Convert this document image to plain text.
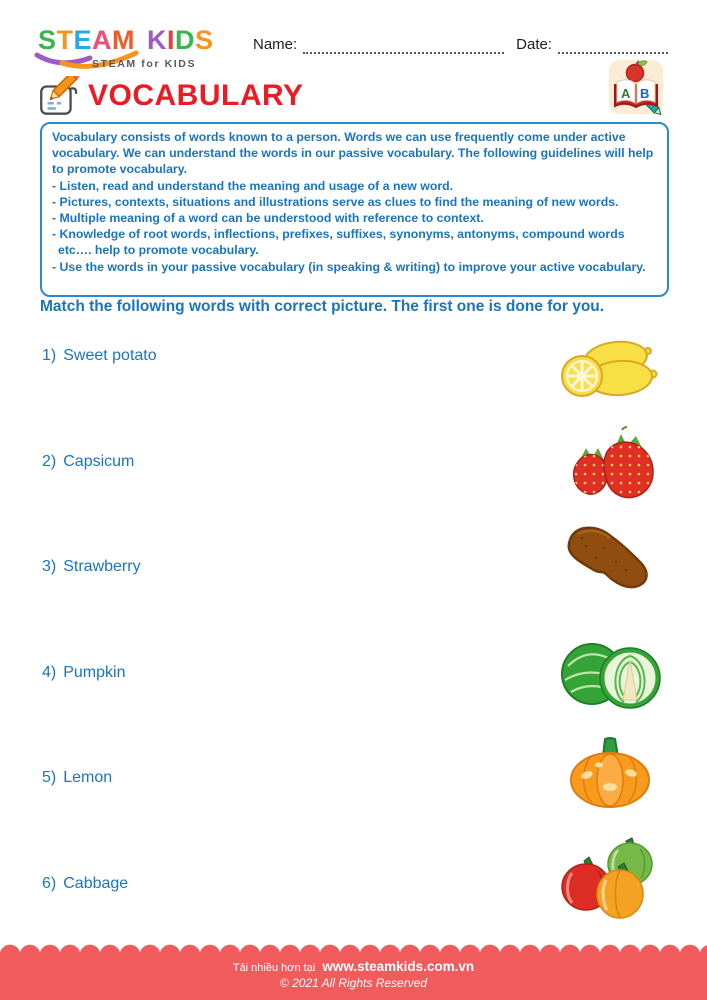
STEAM KIDS
STEAM for KIDS
Name:	Date:
A B
VOCABULARY
Vocabulary consists of words known to a person. Words we can use frequently come under active vocabulary. We can understand the words in our passive vocabulary. The following guidelines will help to promote vocabulary.
- Listen, read and understand the meaning and usage of a new word.
- Pictures, contexts, situations and illustrations serve as clues to find the meaning of new words.
- Multiple meaning of a word can be understood with reference to context.
- Knowledge of root words, inflections, prefixes, suffixes, synonyms, antonyms, compound words etc…. help to promote vocabulary.
- Use the words in your passive vocabulary (in speaking & writing) to improve your active vocabulary.
Match the following words with correct picture. The first one is done for you.
1) Sweet potato
2) Capsicum
3) Strawberry
4) Pumpkin
5) Lemon
6) Cabbage
Tải nhiều hơn tại www.steamkids.com.vn
© 2021 All Rights Reserved
